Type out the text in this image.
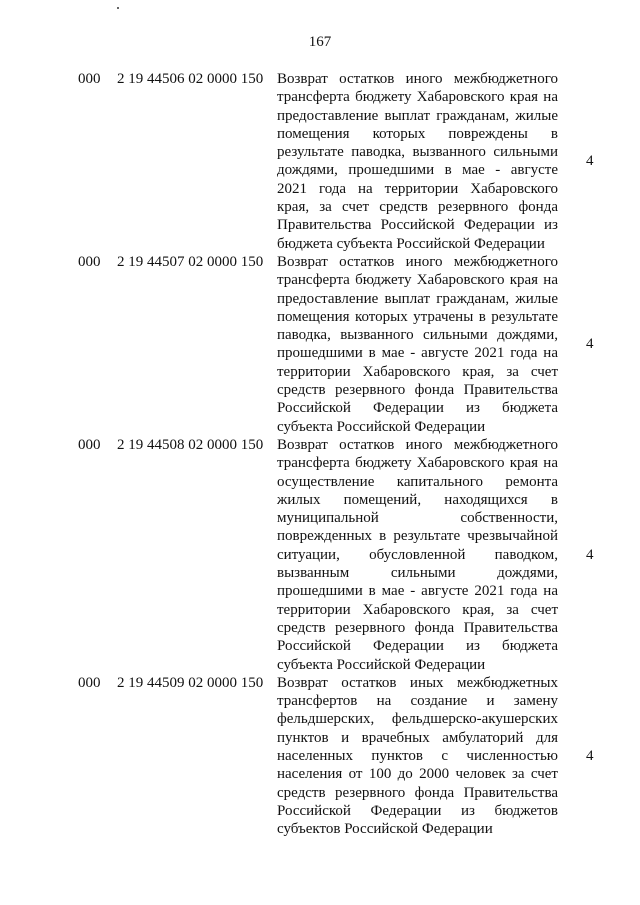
167
000 2 19 44506 02 0000 150 Возврат остатков иного межбюджетного трансферта бюджету Хабаровского края на предоставление выплат гражданам, жилые помещения которых повреждены в результате паводка, вызванного сильными дождями, прошедшими в мае - августе 2021 года на территории Хабаровского края, за счет средств резервного фонда Правительства Российской Федерации из бюджета субъекта Российской Федерации
4
000 2 19 44507 02 0000 150 Возврат остатков иного межбюджетного трансферта бюджету Хабаровского края на предоставление выплат гражданам, жилые помещения которых утрачены в результате паводка, вызванного сильными дождями, прошедшими в мае - августе 2021 года на территории Хабаровского края, за счет средств резервного фонда Правительства Российской Федерации из бюджета субъекта Российской Федерации
4
000 2 19 44508 02 0000 150 Возврат остатков иного межбюджетного трансферта бюджету Хабаровского края на осуществление капитального ремонта жилых помещений, находящихся в муниципальной собственности, поврежденных в результате чрезвычайной ситуации, обусловленной паводком, вызванным сильными дождями, прошедшими в мае - августе 2021 года на территории Хабаровского края, за счет средств резервного фонда Правительства Российской Федерации из бюджета субъекта Российской Федерации
4
000 2 19 44509 02 0000 150 Возврат остатков иных межбюджетных трансфертов на создание и замену фельдшерских, фельдшерско-акушерских пунктов и врачебных амбулаторий для населенных пунктов с численностью населения от 100 до 2000 человек за счет средств резервного фонда Правительства Российской Федерации из бюджетов субъектов Российской Федерации
4
